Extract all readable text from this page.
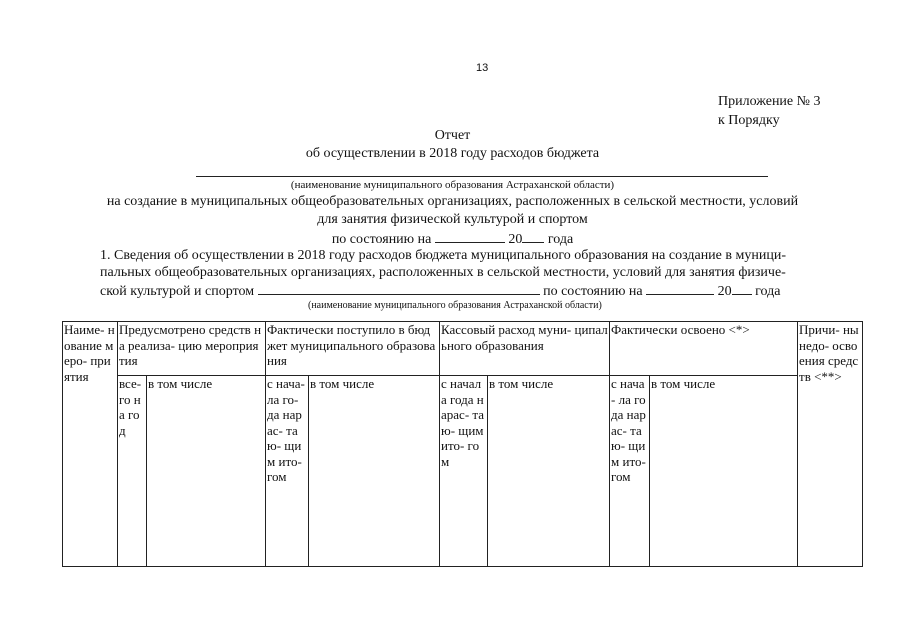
13
Приложение № 3
к Порядку
Отчет
об осуществлении в 2018 году расходов бюджета
(наименование муниципального образования Астраханской области)
на создание в муниципальных общеобразовательных организациях, расположенных в сельской местности, условий
для занятия физической культурой и спортом
по состоянию на	20 года
1. Сведения об осуществлении в 2018 году расходов бюджета муниципального образования на создание в муници-
пальных общеобразовательных организациях, расположенных в сельской местности, условий для занятия физиче-
ской культурой и спортом	по состоянию на	20 года
(наименование муниципального образования Астраханской области)
Наиме- нование меро- приятия	Предусмотрено средств на реализа- цию мероприятия		Фактически поступило в бюджет муниципального образования		Кассовый расход муни- ципального образования		Фактически освоено <*>		Причи- ны недо- освоения средств <**>
	все- го на год	в том числе	с нача- ла го- да нарас- таю- щим ито- гом	в том числе	с начала года нарас- таю- щим ито- гом	в том числе	с нача- ла года нарас- таю- щим ито- гом	в том числе	
